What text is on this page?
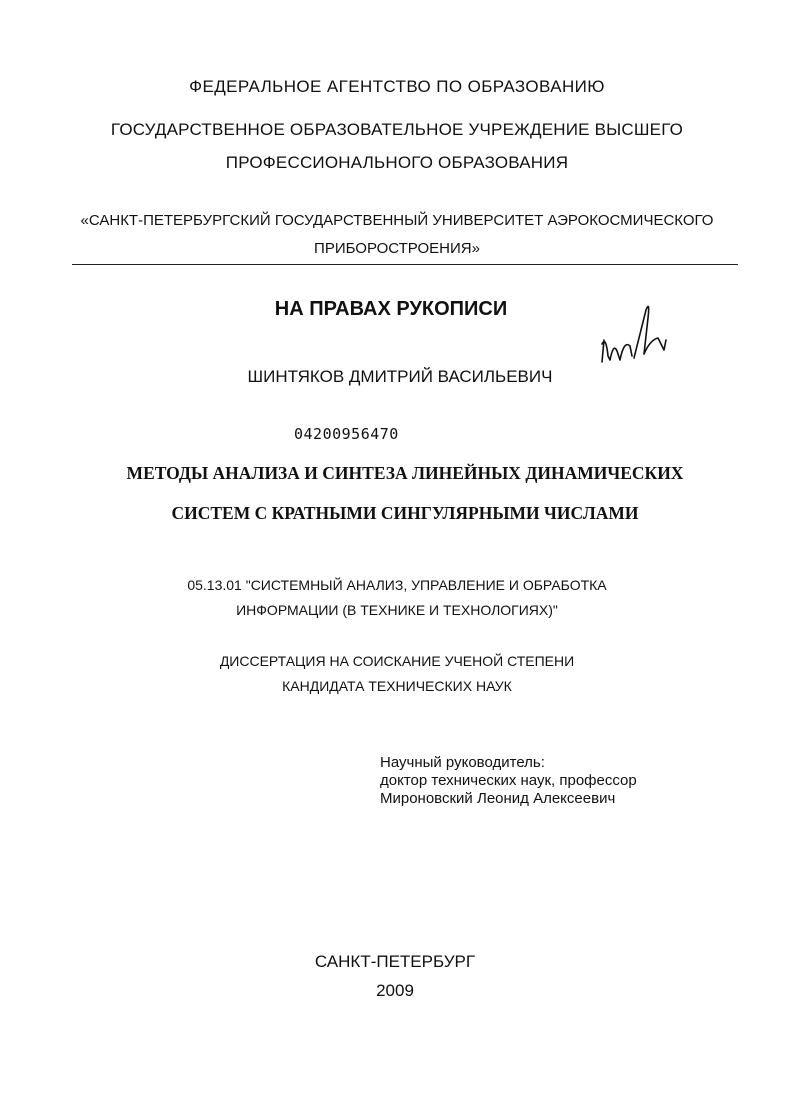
ФЕДЕРАЛЬНОЕ АГЕНТСТВО ПО ОБРАЗОВАНИЮ
ГОСУДАРСТВЕННОЕ ОБРАЗОВАТЕЛЬНОЕ УЧРЕЖДЕНИЕ ВЫСШЕГО
ПРОФЕССИОНАЛЬНОГО ОБРАЗОВАНИЯ
«САНКТ-ПЕТЕРБУРГСКИЙ ГОСУДАРСТВЕННЫЙ УНИВЕРСИТЕТ АЭРОКОСМИЧЕСКОГО
ПРИБОРОСТРОЕНИЯ»
НА ПРАВАХ РУКОПИСИ
ШИНТЯКОВ ДМИТРИЙ ВАСИЛЬЕВИЧ
04200956470
МЕТОДЫ АНАЛИЗА И СИНТЕЗА ЛИНЕЙНЫХ ДИНАМИЧЕСКИХ
СИСТЕМ С КРАТНЫМИ СИНГУЛЯРНЫМИ ЧИСЛАМИ
05.13.01 "СИСТЕМНЫЙ АНАЛИЗ, УПРАВЛЕНИЕ И ОБРАБОТКА
ИНФОРМАЦИИ (В ТЕХНИКЕ И ТЕХНОЛОГИЯХ)"
ДИССЕРТАЦИЯ НА СОИСКАНИЕ УЧЕНОЙ СТЕПЕНИ
КАНДИДАТА ТЕХНИЧЕСКИХ НАУК
Научный руководитель:
доктор технических наук, профессор
Мироновский Леонид Алексеевич
САНКТ-ПЕТЕРБУРГ
2009
